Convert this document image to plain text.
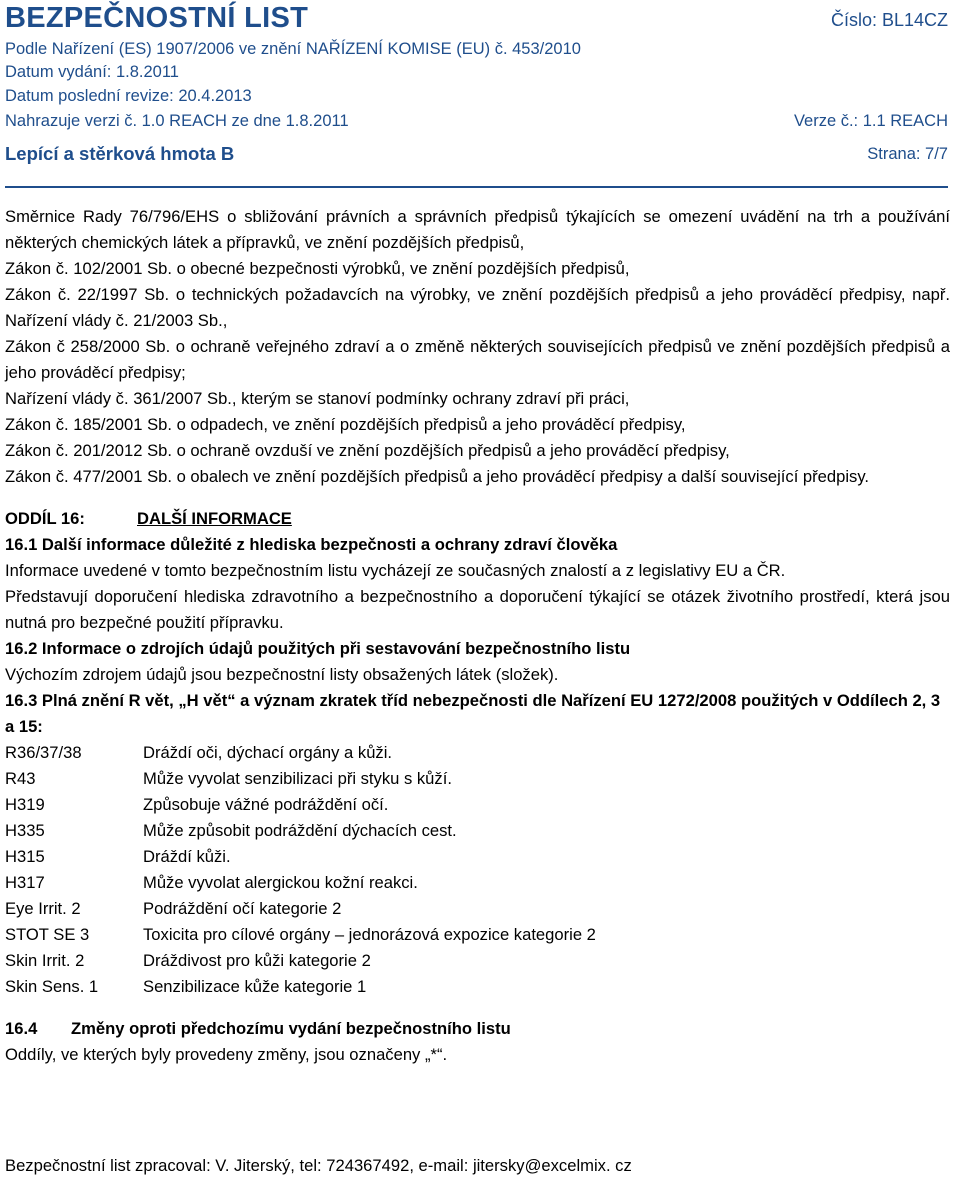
BEZPEČNOSTNÍ LIST	Číslo: BL14CZ
Podle Nařízení (ES) 1907/2006 ve znění NAŘÍZENÍ KOMISE (EU) č. 453/2010
Datum vydání: 1.8.2011
Datum poslední revize: 20.4.2013
Nahrazuje verzi č. 1.0 REACH ze dne 1.8.2011	Verze č.: 1.1 REACH
Lepící a stěrková hmota B	Strana: 7/7

Směrnice Rady 76/796/EHS o sbližování právních a správních předpisů týkajících se omezení uvádění na trh a používání některých chemických látek a přípravků, ve znění pozdějších předpisů,

Zákon č. 102/2001 Sb. o obecné bezpečnosti výrobků, ve znění pozdějších předpisů,

Zákon č. 22/1997 Sb. o technických požadavcích na výrobky, ve znění pozdějších předpisů a jeho prováděcí předpisy, např. Nařízení vlády č. 21/2003 Sb.,

Zákon č 258/2000 Sb. o ochraně veřejného zdraví a o změně některých souvisejících předpisů ve znění pozdějších předpisů a jeho prováděcí předpisy;

Nařízení vlády č. 361/2007 Sb., kterým se stanoví podmínky ochrany zdraví při práci,

Zákon č. 185/2001 Sb. o odpadech, ve znění pozdějších předpisů a jeho prováděcí předpisy,

Zákon č. 201/2012 Sb. o ochraně ovzduší ve znění pozdějších předpisů a jeho prováděcí předpisy,

Zákon č. 477/2001 Sb. o obalech ve znění pozdějších předpisů a jeho prováděcí předpisy a další související předpisy.

ODDÍL 16:	DALŠÍ INFORMACE

16.1 Další informace důležité z hlediska bezpečnosti a ochrany zdraví člověka

Informace uvedené v tomto bezpečnostním listu vycházejí ze současných znalostí a z legislativy EU a ČR.

Představují doporučení hlediska zdravotního a bezpečnostního a doporučení týkající se otázek životního prostředí, která jsou nutná pro bezpečné použití přípravku.

16.2 Informace o zdrojích údajů použitých při sestavování bezpečnostního listu

Výchozím zdrojem údajů jsou bezpečnostní listy obsažených látek (složek).

16.3 Plná znění R vět, „H vět“ a význam zkratek tříd nebezpečnosti dle Nařízení EU 1272/2008 použitých v Oddílech 2, 3 a 15:

R36/37/38	Dráždí oči, dýchací orgány a kůži.
R43	Může vyvolat senzibilizaci při styku s kůží.
H319	Způsobuje vážné podráždění očí.
H335	Může způsobit podráždění dýchacích cest.
H315	Dráždí kůži.
H317	Může vyvolat alergickou kožní reakci.
Eye Irrit. 2	Podráždění očí kategorie 2
STOT SE 3	Toxicita pro cílové orgány – jednorázová expozice kategorie 2
Skin Irrit. 2	Dráždivost pro kůži kategorie 2
Skin Sens. 1	Senzibilizace kůže kategorie 1
16.4	Změny oproti předchozímu vydání bezpečnostního listu

Oddíly, ve kterých byly provedeny změny, jsou označeny „*“.

Bezpečnostní list zpracoval: V. Jiterský, tel: 724367492, e-mail: jitersky@excelmix. cz
